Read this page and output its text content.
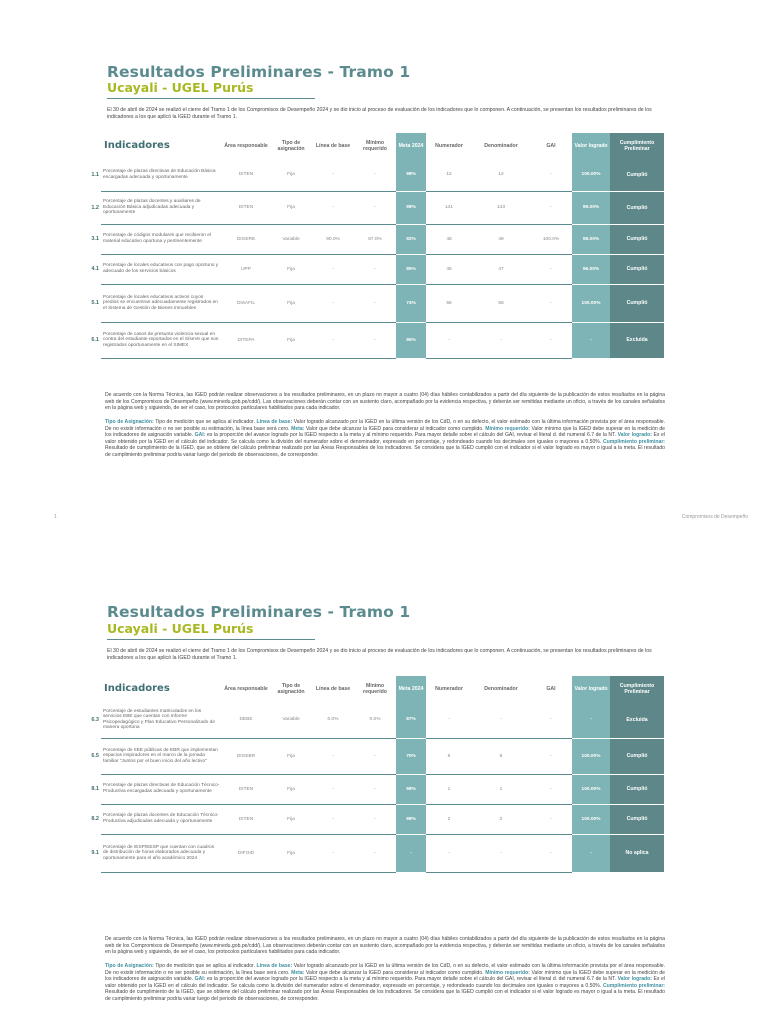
Resultados Preliminares - Tramo 1
Ucayali - UGEL Purús
El 30 de abril de 2024 se realizó el cierre del Tramo 1 de los Compromisos de Desempeño 2024 y se dio inicio al proceso de evaluación de los indicadores que lo componen. A continuación, se presentan los resultados preliminares de los indicadores a los que aplicó la IGED durante el Tramo 1.
Indicadores		Área responsable	Tipo de asignación	Línea de base	Mínimo requerido	Meta 2024	Numerador	Denominador	GAI	Valor logrado	Cumplimiento Preliminar
1.1	Porcentaje de plazas directivas de Educación Básica encargadas adecuada y oportunamente	DITEN	Fija	-	-	98%	12	12	-	100.00%	Cumplió
1.2	Porcentaje de plazas docentes y auxiliares de Educación Básica adjudicadas adecuada y oportunamente	DITEN	Fija	-	-	98%	141	143	-	99.00%	Cumplió
3.1	Porcentaje de códigos modulares que recibieron el material educativo oportuna y pertinentemente	DIGERE	Variable	90.0%	87.0%	92%	48	49	100.0%	98.00%	Cumplió
4.1	Porcentaje de locales educativos con pago oportuno y adecuado de los servicios básicos	UPP	Fija	-	-	85%	45	47	-	96.00%	Cumplió
5.1	Porcentaje de locales educativos activos cuyos predios se encuentran adecuadamente registrados en el Sistema de Gestión de Bienes Inmuebles	DISAFIL	Fija	-	-	74%	58	58	-	100.00%	Cumplió
6.1	Porcentaje de casos de presunta violencia sexual en contra del estudiante reportados en el SíseVe que son registrados oportunamente en el SIMEX	DITEPA	Fija	-	-	95%	-	-	-	-	Excluida
De acuerdo con la Norma Técnica, las IGED podrán realizar observaciones a los resultados preliminares, en un plazo no mayor a cuatro (04) días hábiles contabilizados a partir del día siguiente de la publicación de estos resultados en la página web de los Compromisos de Desempeño (www.minedu.gob.pe/cdd/). Las observaciones deberán contar con un sustento claro, acompañado por la evidencia respectiva, y deberán ser remitidas mediante un oficio, a través de los canales señalados en la página web y siguiendo, de ser el caso, los protocolos particulares habilitados para cada indicador.
Tipo de Asignación: Tipo de medición que se aplica al indicador. Línea de base: Valor logrado alcanzado por la IGED en la última versión de los CdD, o en su defecto, el valor estimado con la última información provista por el área responsable. De no existir información o no ser posible su estimación, la línea base será cero. Meta: Valor que debe alcanzar la IGED para considerar al indicador como cumplido. Mínimo requerido: Valor mínimo que la IGED debe superar en la medición de los indicadores de asignación variable. GAI: es la proporción del avance logrado por la IGED respecto a la meta y al mínimo requerido. Para mayor detalle sobre el cálculo del GAI, revisar el literal d. del numeral 6.7 de la NT. Valor logrado: Es el valor obtenido por la IGED en el cálculo del indicador. Se calcula como la división del numerador sobre el denominador, expresado en porcentaje, y redondeado cuando los decimales son iguales o mayores a 0.50%. Cumplimiento preliminar: Resultado de cumplimiento de la IGED, que se obtiene del cálculo preliminar realizado por las Áreas Responsables de los indicadores. Se considera que la IGED cumplió con el indicador si el valor logrado es mayor o igual a la meta. El resultado de cumplimiento preliminar podría variar luego del periodo de observaciones, de corresponder.
1	Compromisos de Desempeño
Resultados Preliminares - Tramo 1
Ucayali - UGEL Purús
El 30 de abril de 2024 se realizó el cierre del Tramo 1 de los Compromisos de Desempeño 2024 y se dio inicio al proceso de evaluación de los indicadores que lo componen. A continuación, se presentan los resultados preliminares de los indicadores a los que aplicó la IGED durante el Tramo 1.
Indicadores		Área responsable	Tipo de asignación	Línea de base	Mínimo requerido	Meta 2024	Numerador	Denominador	GAI	Valor logrado	Cumplimiento Preliminar
6.3	Porcentaje de estudiantes matriculados en los servicios EBE que cuentan con Informe Psicopedagógico y Plan Educativo Personalizado de manera oportuna	DEBE	Variable	0.0%	0.0%	87%	-	-	-	-	Excluida
6.5	Porcentaje de IIEE públicas de EBR que implementan espacios inspiradores en el marco de la jornada familiar "Juntos por el buen inicio del año lectivo"	DIGEBR	Fija	-	-	70%	6	6	-	100.00%	Cumplió
8.1	Porcentaje de plazas directivas de Educación Técnico-Productiva encargadas adecuada y oportunamente	DITEN	Fija	-	-	98%	1	1	-	100.00%	Cumplió
8.2	Porcentaje de plazas docentes de Educación Técnico-Productiva adjudicadas adecuada y oportunamente	DITEN	Fija	-	-	98%	2	2	-	100.00%	Cumplió
9.1	Porcentaje de IESP/EESP que cuentan con cuadros de distribución de horas elaborados adecuada y oportunamente para el año académico 2024	DIFOID	Fija	-	-	-	-	-	-	-	No aplica
De acuerdo con la Norma Técnica, las IGED podrán realizar observaciones a los resultados preliminares, en un plazo no mayor a cuatro (04) días hábiles contabilizados a partir del día siguiente de la publicación de estos resultados en la página web de los Compromisos de Desempeño (www.minedu.gob.pe/cdd/). Las observaciones deberán contar con un sustento claro, acompañado por la evidencia respectiva, y deberán ser remitidas mediante un oficio, a través de los canales señalados en la página web y siguiendo, de ser el caso, los protocolos particulares habilitados para cada indicador.
Tipo de Asignación: Tipo de medición que se aplica al indicador. Línea de base: Valor logrado alcanzado por la IGED en la última versión de los CdD, o en su defecto, el valor estimado con la última información provista por el área responsable. De no existir información o no ser posible su estimación, la línea base será cero. Meta: Valor que debe alcanzar la IGED para considerar al indicador como cumplido. Mínimo requerido: Valor mínimo que la IGED debe superar en la medición de los indicadores de asignación variable. GAI: es la proporción del avance logrado por la IGED respecto a la meta y al mínimo requerido. Para mayor detalle sobre el cálculo del GAI, revisar el literal d. del numeral 6.7 de la NT. Valor logrado: Es el valor obtenido por la IGED en el cálculo del indicador. Se calcula como la división del numerador sobre el denominador, expresado en porcentaje, y redondeado cuando los decimales son iguales o mayores a 0.50%. Cumplimiento preliminar: Resultado de cumplimiento de la IGED, que se obtiene del cálculo preliminar realizado por las Áreas Responsables de los indicadores. Se considera que la IGED cumplió con el indicador si el valor logrado es mayor o igual a la meta. El resultado de cumplimiento preliminar podría variar luego del periodo de observaciones, de corresponder.
